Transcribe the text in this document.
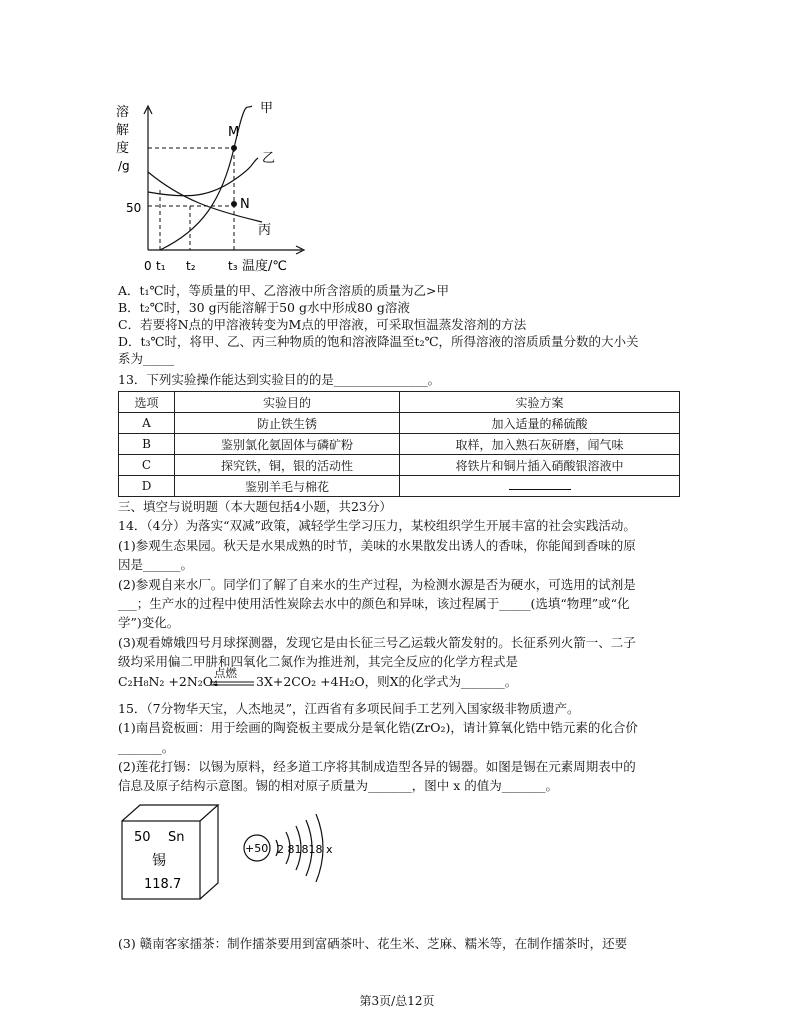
溶
解
度
/g
50
0 t₁ t₂	t₃ 温度/℃
甲
M
乙
N
丙
A．t₁℃时，等质量的甲、乙溶液中所含溶质的质量为乙>甲
B．t₂℃时，30 g丙能溶解于50 g水中形成80 g溶液
C．若要将N点的甲溶液转变为M点的甲溶液，可采取恒温蒸发溶剂的方法
D．t₃℃时，将甲、乙、丙三种物质的饱和溶液降温至t₂℃，所得溶液的溶质质量分数的大小关
系为_____
13．下列实验操作能达到实验目的的是_______________。
选项	实验目的	实验方案
A	防止铁生锈	加入适量的稀硫酸
B	鉴别氯化氨固体与磷矿粉	取样，加入熟石灰研磨，闻气味
C	探究铁，铜，银的活动性	将铁片和铜片插入硝酸银溶液中
D	鉴别羊毛与棉花	
三、填空与说明题（本大题包括4小题，共23分）
14．（4分）为落实“双减”政策，减轻学生学习压力，某校组织学生开展丰富的社会实践活动。
(1)参观生态果园。秋天是水果成熟的时节，美味的水果散发出诱人的香味，你能闻到香味的原
因是______。
(2)参观自来水厂。同学们了解了自来水的生产过程，为检测水源是否为硬水，可选用的试剂是
___；生产水的过程中使用活性炭除去水中的颜色和异味，该过程属于_____(选填“物理”或“化
学”)变化。
(3)观看嫦娥四号月球探测器，发现它是由长征三号乙运载火箭发射的。长征系列火箭一、二子
级均采用偏二甲肼和四氧化二氮作为推进剂，其完全反应的化学方程式是
点燃
C₂H₈N₂ +2N₂O₄	3X+2CO₂ +4H₂O，则X的化学式为_______。
15．（7分物华天宝，人杰地灵”，江西省有多项民间手工艺列入国家级非物质遗产。
(1)南昌瓷板画：用于绘画的陶瓷板主要成分是氧化锆(ZrO₂)，请计算氧化锆中锆元素的化合价
_______。
(2)莲花打锡：以锡为原料，经多道工序将其制成造型各异的锡器。如图是锡在元素周期表中的
信息及原子结构示意图。锡的相对原子质量为_______，图中 x 的值为_______。
50 Sn
锡
118.7
+50 2 81818 x
(3) 赣南客家擂茶：制作擂茶要用到富硒茶叶、花生米、芝麻、糯米等，在制作擂茶时，还要
第3页/总12页
